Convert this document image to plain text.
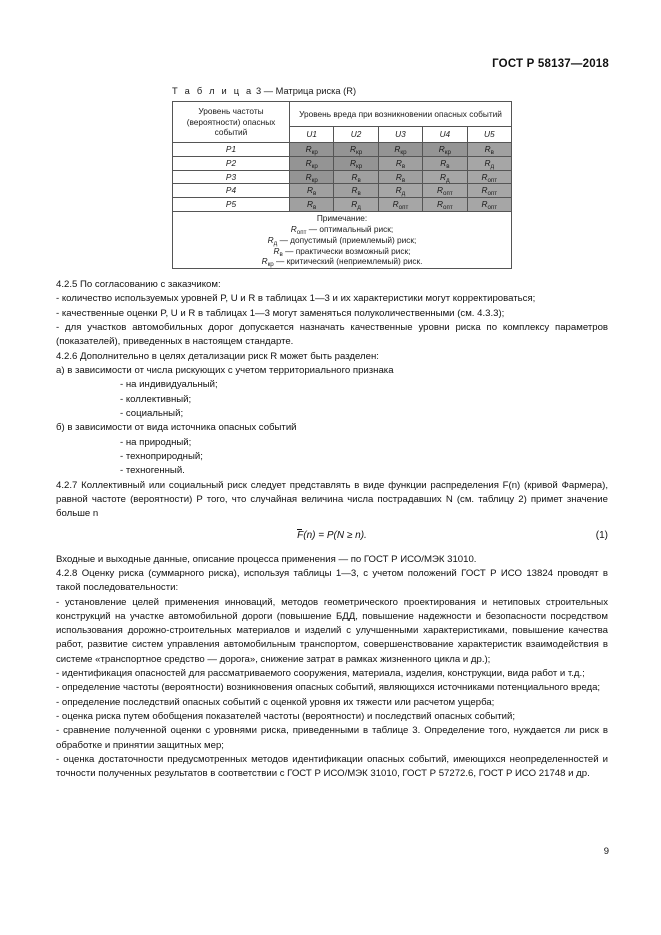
ГОСТ Р 58137—2018
Т а б л и ц а 3 — Матрица риска (R)
Уровень частоты (вероятности) опасных событий	Уровень вреда при возникновении опасных событий				
	U1	U2	U3	U4	U5
P1	$R_{кр}$	$R_{кр}$	$R_{кр}$	$R_{кр}$	$R_в$
P2	$R_{кр}$	$R_{кр}$	$R_в$	$R_в$	$R_д$
P3	$R_{кр}$	$R_в$	$R_в$	$R_д$	$R_{опт}$
P4	$R_в$	$R_в$	$R_д$	$R_{опт}$	$R_{опт}$
P5	$R_в$	$R_д$	$R_{опт}$	$R_{опт}$	$R_{опт}$

Примечание:
$R_{опт}$ — оптимальный риск;
$R_д$ — допустимый (приемлемый) риск;
$R_в$ — практически возможный риск;
$R_{кр}$ — критический (неприемлемый) риск.					

4.2.5 По согласованию с заказчиком:

- количество используемых уровней P, U и R в таблицах 1—3 и их характеристики могут корректироваться;

- качественные оценки P, U и R в таблицах 1—3 могут заменяться полуколичественными (см. 4.3.3);

- для участков автомобильных дорог допускается назначать качественные уровни риска по комплексу параметров (показателей), приведенных в настоящем стандарте.

4.2.6 Дополнительно в целях детализации риск R может быть разделен:

а) в зависимости от числа рискующих с учетом территориального признака

- на индивидуальный;

- коллективный;

- социальный;

б) в зависимости от вида источника опасных событий

- на природный;

- техноприродный;

- техногенный.

4.2.7 Коллективный или социальный риск следует представлять в виде функции распределения F(n) (кривой Фармера), равной частоте (вероятности) P того, что случайная величина числа пострадавших N (см. таблицу 2) примет значение больше n

F(n) = P(N ≥ n).	(1)

Входные и выходные данные, описание процесса применения — по ГОСТ Р ИСО/МЭК 31010.

4.2.8 Оценку риска (суммарного риска), используя таблицы 1—3, с учетом положений ГОСТ Р ИСО 13824 проводят в такой последовательности:

- установление целей применения инноваций, методов геометрического проектирования и нетиповых строительных конструкций на участке автомобильной дороги (повышение БДД, повышение надежности и безопасности посредством использования дорожно-строительных материалов и изделий с улучшенными характеристиками, повышение качества работ, развитие систем управления автомобильным транспортом, совершенствование характеристик взаимодействия в системе «транспортное средство — дорога», снижение затрат в рамках жизненного цикла и др.);

- идентификация опасностей для рассматриваемого сооружения, материала, изделия, конструкции, вида работ и т.д.;

- определение частоты (вероятности) возникновения опасных событий, являющихся источниками потенциального вреда;

- определение последствий опасных событий с оценкой уровня их тяжести или расчетом ущерба;

- оценка риска путем обобщения показателей частоты (вероятности) и последствий опасных событий;

- сравнение полученной оценки с уровнями риска, приведенными в таблице 3. Определение того, нуждается ли риск в обработке и принятии защитных мер;

- оценка достаточности предусмотренных методов идентификации опасных событий, имеющихся неопределенностей и точности полученных результатов в соответствии с ГОСТ Р ИСО/МЭК 31010, ГОСТ Р 57272.6, ГОСТ Р ИСО 21748 и др.

9
